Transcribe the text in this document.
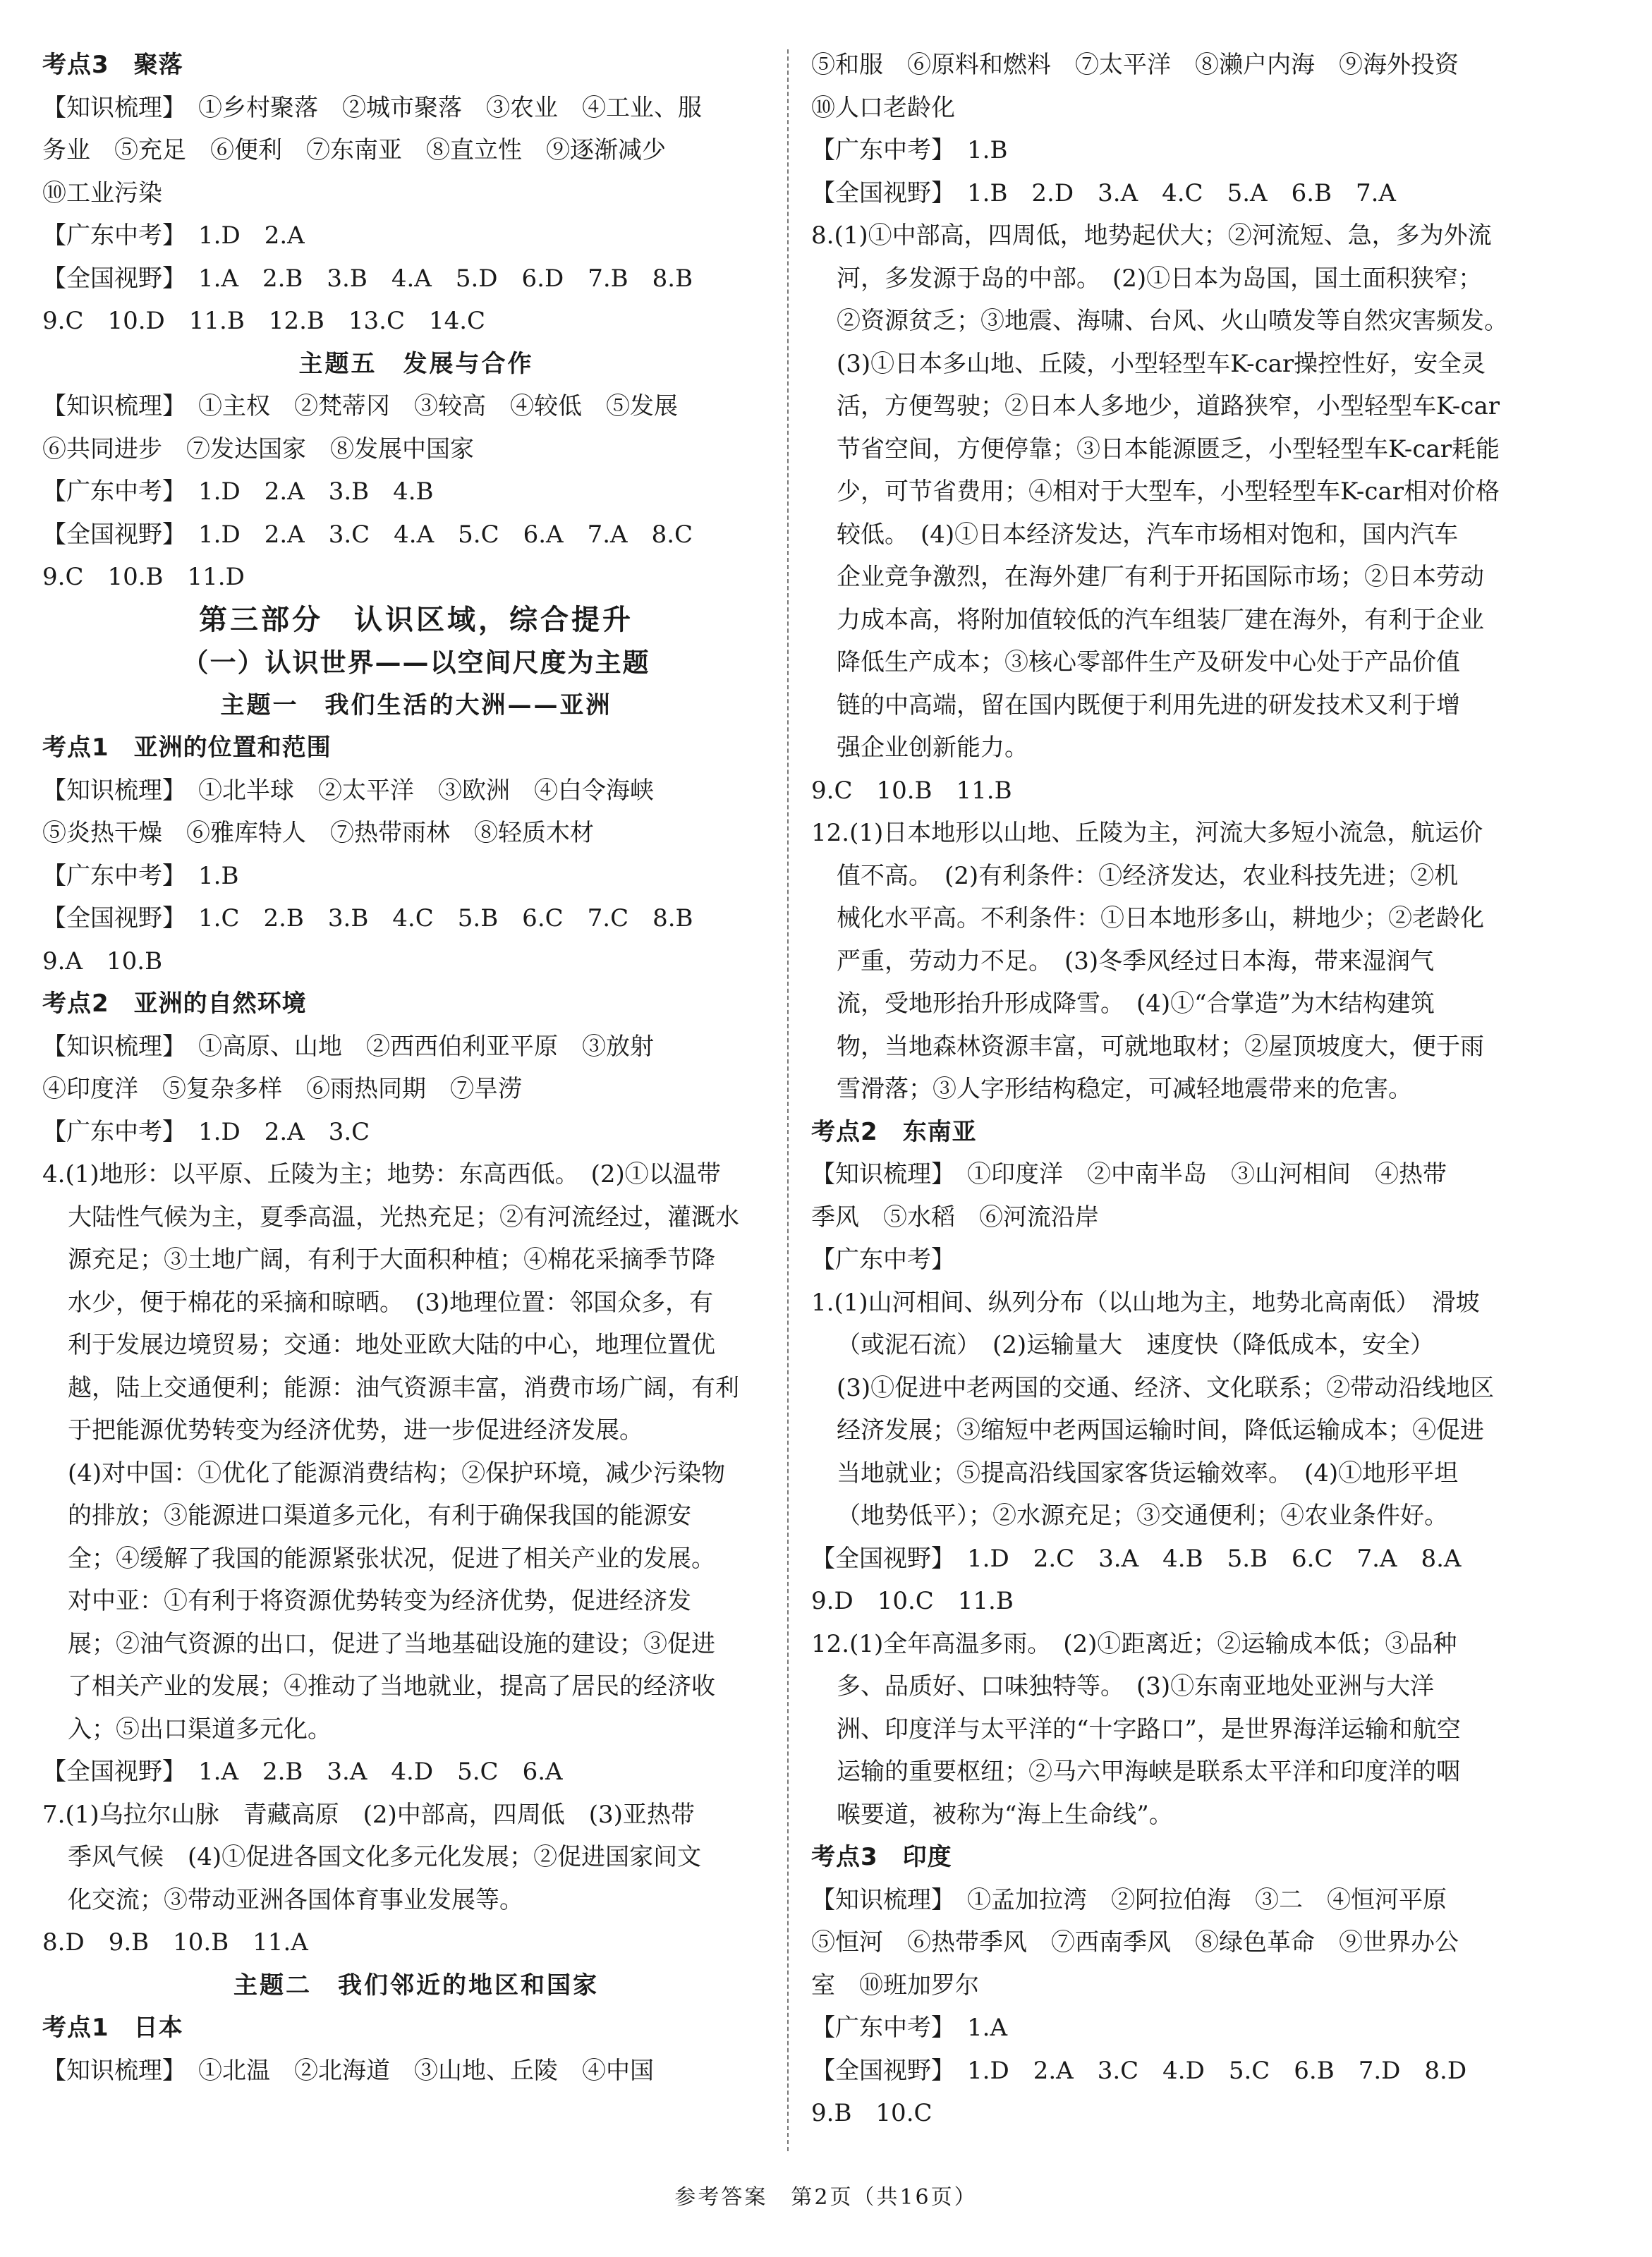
考点3　聚落
【知识梳理】　①乡村聚落　②城市聚落　③农业　④工业、服
务业　⑤充足　⑥便利　⑦东南亚　⑧直立性　⑨逐渐减少
⑩工业污染
【广东中考】　1.D　2.A
【全国视野】　1.A　2.B　3.B　4.A　5.D　6.D　7.B　8.B
9.C　10.D　11.B　12.B　13.C　14.C
主题五　发展与合作
【知识梳理】　①主权　②梵蒂冈　③较高　④较低　⑤发展
⑥共同进步　⑦发达国家　⑧发展中国家
【广东中考】　1.D　2.A　3.B　4.B
【全国视野】　1.D　2.A　3.C　4.A　5.C　6.A　7.A　8.C
9.C　10.B　11.D
第三部分　认识区域，综合提升
（一）认识世界——以空间尺度为主题
主题一　我们生活的大洲——亚洲
考点1　亚洲的位置和范围
【知识梳理】　①北半球　②太平洋　③欧洲　④白令海峡
⑤炎热干燥　⑥雅库特人　⑦热带雨林　⑧轻质木材
【广东中考】　1.B
【全国视野】　1.C　2.B　3.B　4.C　5.B　6.C　7.C　8.B
9.A　10.B
考点2　亚洲的自然环境
【知识梳理】　①高原、山地　②西西伯利亚平原　③放射
④印度洋　⑤复杂多样　⑥雨热同期　⑦旱涝
【广东中考】　1.D　2.A　3.C
4.(1)地形：以平原、丘陵为主；地势：东高西低。　(2)①以温带
大陆性气候为主，夏季高温，光热充足；②有河流经过，灌溉水
源充足；③土地广阔，有利于大面积种植；④棉花采摘季节降
水少，便于棉花的采摘和晾晒。　(3)地理位置：邻国众多，有
利于发展边境贸易；交通：地处亚欧大陆的中心，地理位置优
越，陆上交通便利；能源：油气资源丰富，消费市场广阔，有利
于把能源优势转变为经济优势，进一步促进经济发展。
(4)对中国：①优化了能源消费结构；②保护环境，减少污染物
的排放；③能源进口渠道多元化，有利于确保我国的能源安
全；④缓解了我国的能源紧张状况，促进了相关产业的发展。
对中亚：①有利于将资源优势转变为经济优势，促进经济发
展；②油气资源的出口，促进了当地基础设施的建设；③促进
了相关产业的发展；④推动了当地就业，提高了居民的经济收
入；⑤出口渠道多元化。
【全国视野】　1.A　2.B　3.A　4.D　5.C　6.A
7.(1)乌拉尔山脉　青藏高原　(2)中部高，四周低　(3)亚热带
季风气候　(4)①促进各国文化多元化发展；②促进国家间文
化交流；③带动亚洲各国体育事业发展等。
8.D　9.B　10.B　11.A
主题二　我们邻近的地区和国家
考点1　日本
【知识梳理】　①北温　②北海道　③山地、丘陵　④中国
⑤和服　⑥原料和燃料　⑦太平洋　⑧濑户内海　⑨海外投资
⑩人口老龄化
【广东中考】　1.B
【全国视野】　1.B　2.D　3.A　4.C　5.A　6.B　7.A
8.(1)①中部高，四周低，地势起伏大；②河流短、急，多为外流
河，多发源于岛的中部。　(2)①日本为岛国，国土面积狭窄；
②资源贫乏；③地震、海啸、台风、火山喷发等自然灾害频发。
(3)①日本多山地、丘陵，小型轻型车K-car操控性好，安全灵
活，方便驾驶；②日本人多地少，道路狭窄，小型轻型车K-car
节省空间，方便停靠；③日本能源匮乏，小型轻型车K-car耗能
少，可节省费用；④相对于大型车，小型轻型车K-car相对价格
较低。　(4)①日本经济发达，汽车市场相对饱和，国内汽车
企业竞争激烈，在海外建厂有利于开拓国际市场；②日本劳动
力成本高，将附加值较低的汽车组装厂建在海外，有利于企业
降低生产成本；③核心零部件生产及研发中心处于产品价值
链的中高端，留在国内既便于利用先进的研发技术又利于增
强企业创新能力。
9.C　10.B　11.B
12.(1)日本地形以山地、丘陵为主，河流大多短小流急，航运价
值不高。　(2)有利条件：①经济发达，农业科技先进；②机
械化水平高。不利条件：①日本地形多山，耕地少；②老龄化
严重，劳动力不足。　(3)冬季风经过日本海，带来湿润气
流，受地形抬升形成降雪。　(4)①“合掌造”为木结构建筑
物，当地森林资源丰富，可就地取材；②屋顶坡度大，便于雨
雪滑落；③人字形结构稳定，可减轻地震带来的危害。
考点2　东南亚
【知识梳理】　①印度洋　②中南半岛　③山河相间　④热带
季风　⑤水稻　⑥河流沿岸
【广东中考】
1.(1)山河相间、纵列分布（以山地为主，地势北高南低）　滑坡
（或泥石流）　(2)运输量大　速度快（降低成本，安全）
(3)①促进中老两国的交通、经济、文化联系；②带动沿线地区
经济发展；③缩短中老两国运输时间，降低运输成本；④促进
当地就业；⑤提高沿线国家客货运输效率。　(4)①地形平坦
（地势低平）；②水源充足；③交通便利；④农业条件好。
【全国视野】　1.D　2.C　3.A　4.B　5.B　6.C　7.A　8.A
9.D　10.C　11.B
12.(1)全年高温多雨。　(2)①距离近；②运输成本低；③品种
多、品质好、口味独特等。　(3)①东南亚地处亚洲与大洋
洲、印度洋与太平洋的“十字路口”，是世界海洋运输和航空
运输的重要枢纽；②马六甲海峡是联系太平洋和印度洋的咽
喉要道，被称为“海上生命线”。
考点3　印度
【知识梳理】　①孟加拉湾　②阿拉伯海　③二　④恒河平原
⑤恒河　⑥热带季风　⑦西南季风　⑧绿色革命　⑨世界办公
室　⑩班加罗尔
【广东中考】　1.A
【全国视野】　1.D　2.A　3.C　4.D　5.C　6.B　7.D　8.D
9.B　10.C
参考答案　第2页（共16页）
